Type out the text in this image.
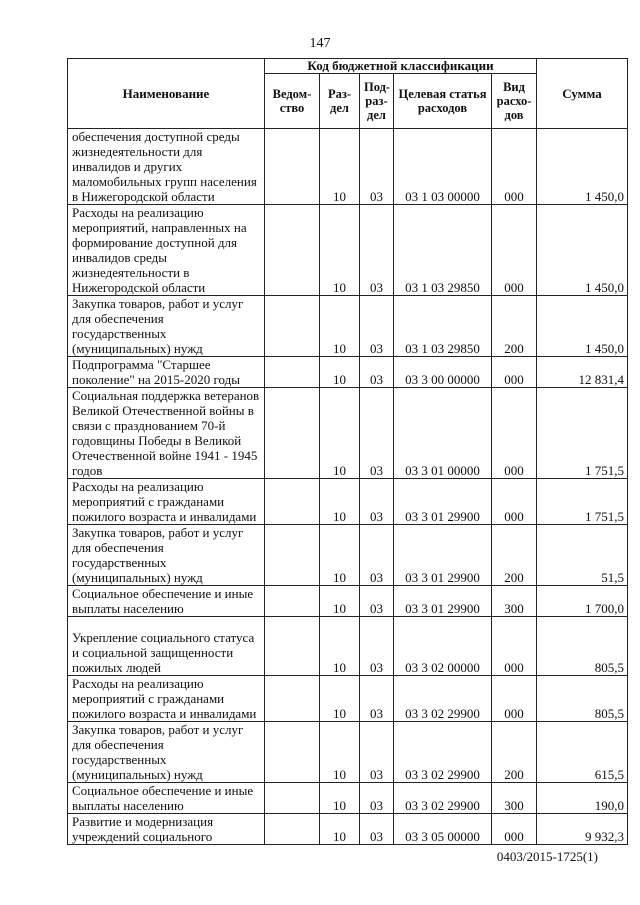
147
Наименование	Код бюджетной классификации					Сумма
	Ведом-ство	Раз-дел	Под-раз-дел	Целевая статья расходов	Вид расхо-дов	
обеспечения доступной среды жизнедеятельности для инвалидов и других маломобильных групп населения в Нижегородской области		10	03	03 1 03 00000	000	1 450,0
Расходы на реализацию мероприятий, направленных на формирование доступной для инвалидов среды жизнедеятельности в Нижегородской области		10	03	03 1 03 29850	000	1 450,0
Закупка товаров, работ и услуг для обеспечения государственных (муниципальных) нужд		10	03	03 1 03 29850	200	1 450,0
Подпрограмма "Старшее поколение" на 2015-2020 годы		10	03	03 3 00 00000	000	12 831,4
Социальная поддержка ветеранов Великой Отечественной войны в связи с празднованием 70-й годовщины Победы в Великой Отечественной войне 1941 - 1945 годов		10	03	03 3 01 00000	000	1 751,5
Расходы на реализацию мероприятий с гражданами пожилого возраста и инвалидами		10	03	03 3 01 29900	000	1 751,5
Закупка товаров, работ и услуг для обеспечения государственных (муниципальных) нужд		10	03	03 3 01 29900	200	51,5
Социальное обеспечение и иные выплаты населению		10	03	03 3 01 29900	300	1 700,0
Укрепление социального статуса и социальной защищенности пожилых людей		10	03	03 3 02 00000	000	805,5
Расходы на реализацию мероприятий с гражданами пожилого возраста и инвалидами		10	03	03 3 02 29900	000	805,5
Закупка товаров, работ и услуг для обеспечения государственных (муниципальных) нужд		10	03	03 3 02 29900	200	615,5
Социальное обеспечение и иные выплаты населению		10	03	03 3 02 29900	300	190,0
Развитие и модернизация учреждений социального		10	03	03 3 05 00000	000	9 932,3
0403/2015-1725(1)
